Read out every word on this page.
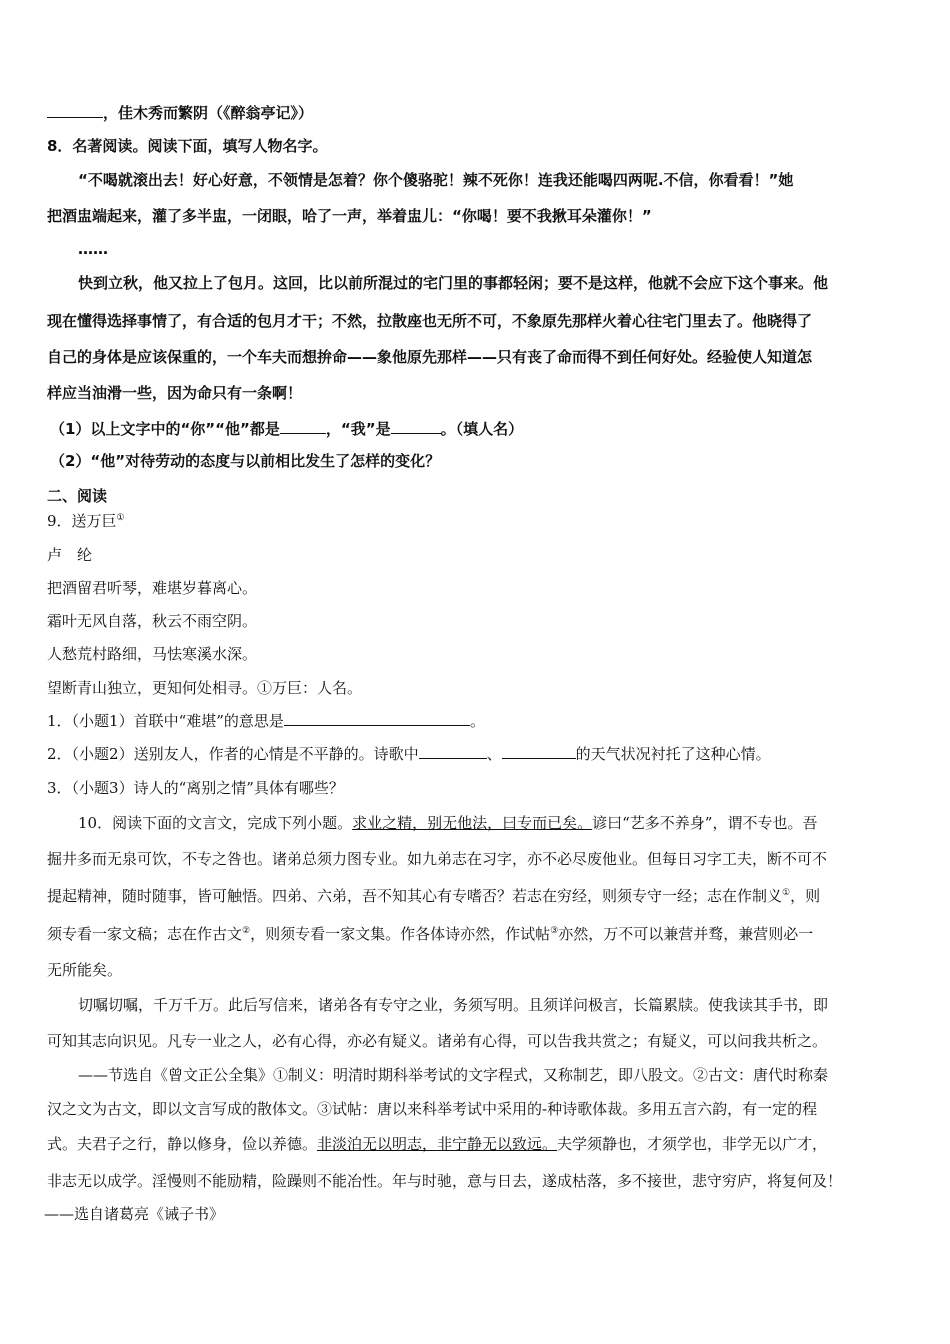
，佳木秀而繁阴（《醉翁亭记》）
8．名著阅读。阅读下面，填写人物名字。
“不喝就滚出去！好心好意，不领情是怎着？你个傻骆驼！辣不死你！连我还能喝四两呢.不信，你看看！”她
把酒盅端起来，灌了多半盅，一闭眼，哈了一声，举着盅儿：“你喝！要不我揪耳朵灌你！”
……
快到立秋，他又拉上了包月。这回，比以前所混过的宅门里的事都轻闲；要不是这样，他就不会应下这个事来。他
现在懂得选择事情了，有合适的包月才干；不然，拉散座也无所不可，不象原先那样火着心往宅门里去了。他晓得了
自己的身体是应该保重的，一个车夫而想拚命——象他原先那样——只有丧了命而得不到任何好处。经验使人知道怎
样应当油滑一些，因为命只有一条啊！
（1）以上文字中的“你”“他”都是	，“我”是	。（填人名）
（2）“他”对待劳动的态度与以前相比发生了怎样的变化？
二、阅读
9．送万巨①
卢　纶
把酒留君听琴，难堪岁暮离心。
霜叶无风自落，秋云不雨空阴。
人愁荒村路细，马怯寒溪水深。
望断青山独立，更知何处相寻。①万巨：人名。
1．（小题1）首联中“难堪”的意思是	。
2．（小题2）送别友人，作者的心情是不平静的。诗歌中	、	的天气状况衬托了这种心情。
3．（小题3）诗人的“离别之情”具体有哪些？
10．阅读下面的文言文，完成下列小题。求业之精，别无他法，曰专而已矣。谚曰“艺多不养身”，谓不专也。吾
掘井多而无泉可饮，不专之咎也。诸弟总须力图专业。如九弟志在习字，亦不必尽废他业。但每日习字工夫，断不可不
提起精神，随时随事，皆可触悟。四弟、六弟，吾不知其心有专嗜否？若志在穷经，则须专守一经；志在作制义①，则
须专看一家文稿；志在作古文②，则须专看一家文集。作各体诗亦然，作试帖③亦然，万不可以兼营并骛，兼营则必一
无所能矣。
切嘱切嘱，千万千万。此后写信来，诸弟各有专守之业，务须写明。且须详问极言，长篇累牍。使我读其手书，即
可知其志向识见。凡专一业之人，必有心得，亦必有疑义。诸弟有心得，可以告我共赏之；有疑义，可以问我共析之。
——节选自《曾文正公全集》①制义：明清时期科举考试的文字程式，又称制艺，即八股文。②古文：唐代时称秦
汉之文为古文，即以文言写成的散体文。③试帖：唐以来科举考试中采用的-种诗歌体裁。多用五言六韵，有一定的程
式。夫君子之行，静以修身，俭以养德。非淡泊无以明志，非宁静无以致远。夫学须静也，才须学也，非学无以广才，
非志无以成学。淫慢则不能励精，险躁则不能冶性。年与时驰，意与日去，遂成枯落，多不接世，悲守穷庐，将复何及！
——选自诸葛亮《诫子书》
